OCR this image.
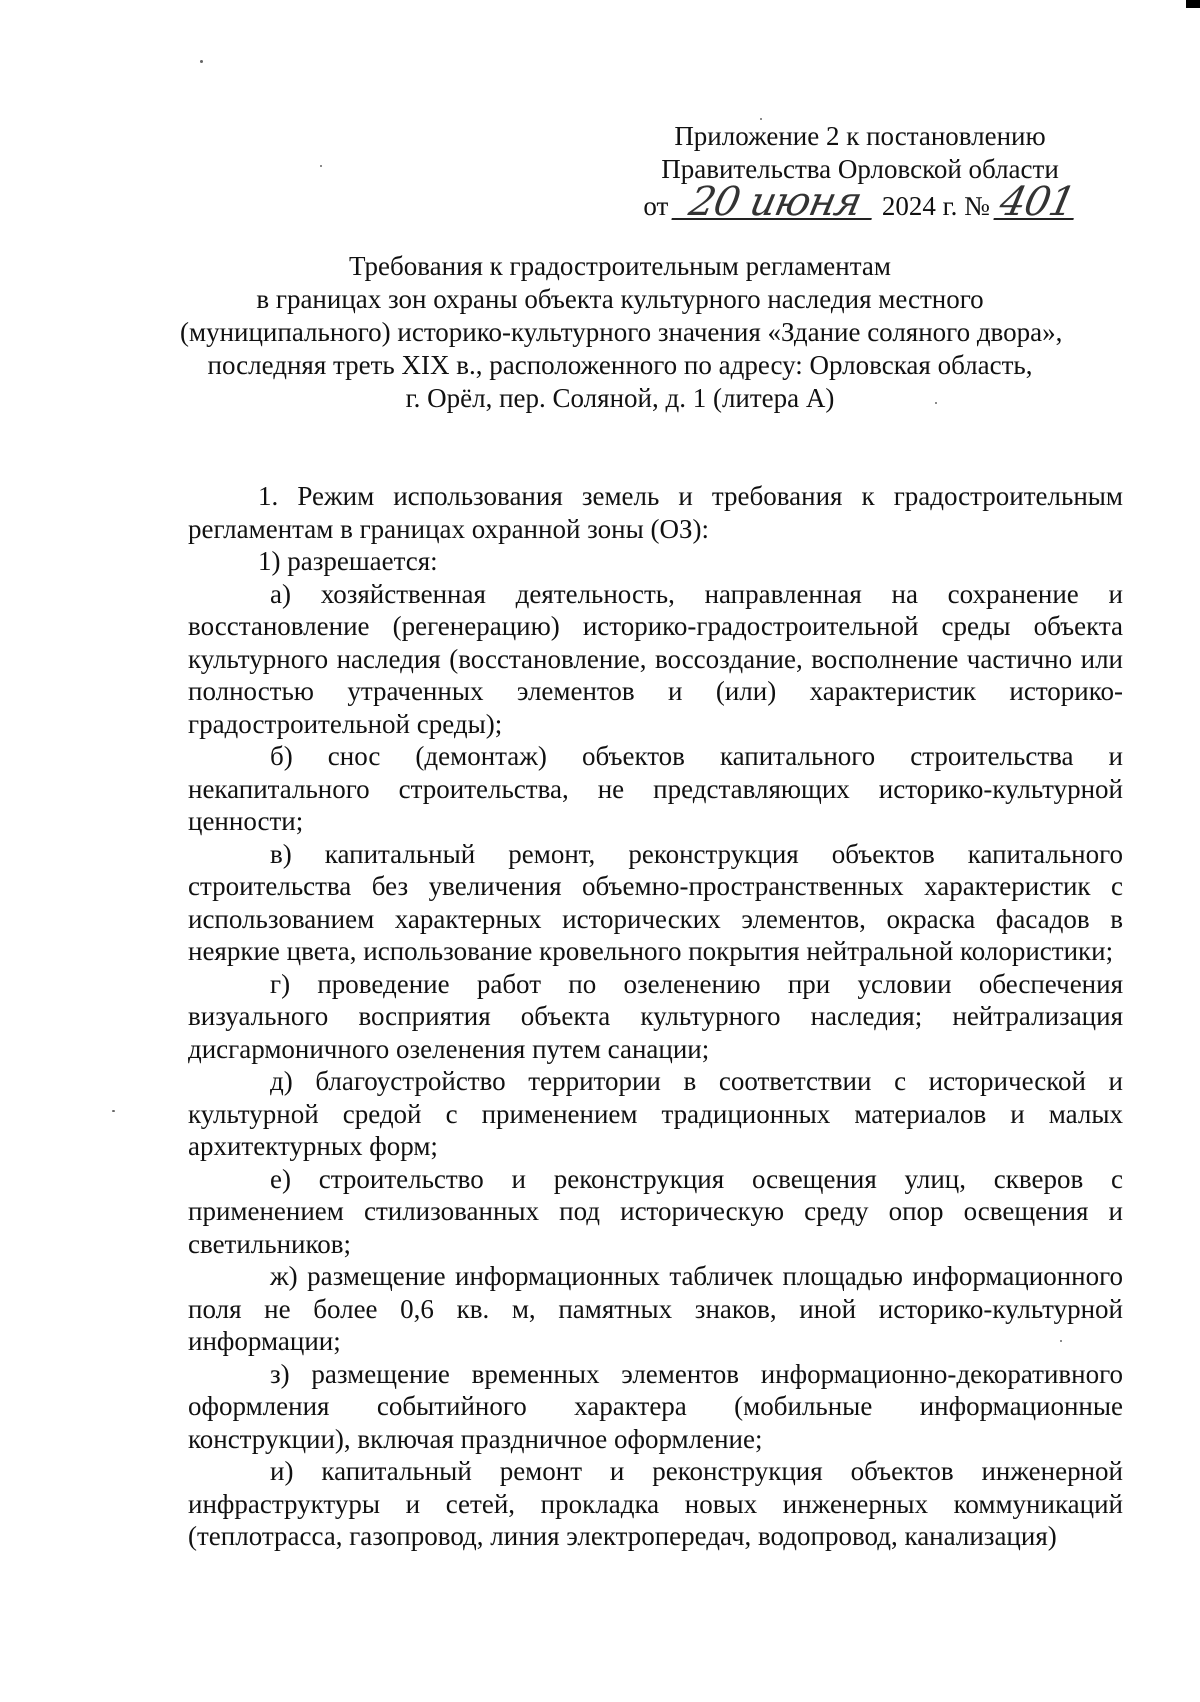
Приложение 2 к постановлению
Правительства Орловской области
от 20 июня 2024 г. № 401
Требования к градостроительным регламентам
в границах зон охраны объекта культурного наследия местного
(муниципального) историко-культурного значения «Здание соляного двора»,
последняя треть XIX в., расположенного по адресу: Орловская область,
г. Орёл, пер. Соляной, д. 1 (литера А)

1. Режим использования земель и требования к градостроительным регламентам в границах охранной зоны (ОЗ):

1) разрешается:

а) хозяйственная деятельность, направленная на сохранение и восстановление (регенерацию) историко-градостроительной среды объекта культурного наследия (восстановление, воссоздание, восполнение частично или полностью утраченных элементов и (или) характеристик историко-градостроительной среды);

б) снос (демонтаж) объектов капитального строительства и некапитального строительства, не представляющих историко-культурной ценности;

в) капитальный ремонт, реконструкция объектов капитального строительства без увеличения объемно-пространственных характеристик с использованием характерных исторических элементов, окраска фасадов в неяркие цвета, использование кровельного покрытия нейтральной колористики;

г) проведение работ по озеленению при условии обеспечения визуального восприятия объекта культурного наследия; нейтрализация дисгармоничного озеленения путем санации;

д) благоустройство территории в соответствии с исторической и культурной средой с применением традиционных материалов и малых архитектурных форм;

е) строительство и реконструкция освещения улиц, скверов с применением стилизованных под историческую среду опор освещения и светильников;

ж) размещение информационных табличек площадью информационного поля не более 0,6 кв. м, памятных знаков, иной историко-культурной информации;

з) размещение временных элементов информационно-декоративного оформления событийного характера (мобильные информационные конструкции), включая праздничное оформление;

и) капитальный ремонт и реконструкция объектов инженерной инфраструктуры и сетей, прокладка новых инженерных коммуникаций (теплотрасса, газопровод, линия электропередач, водопровод, канализация)
